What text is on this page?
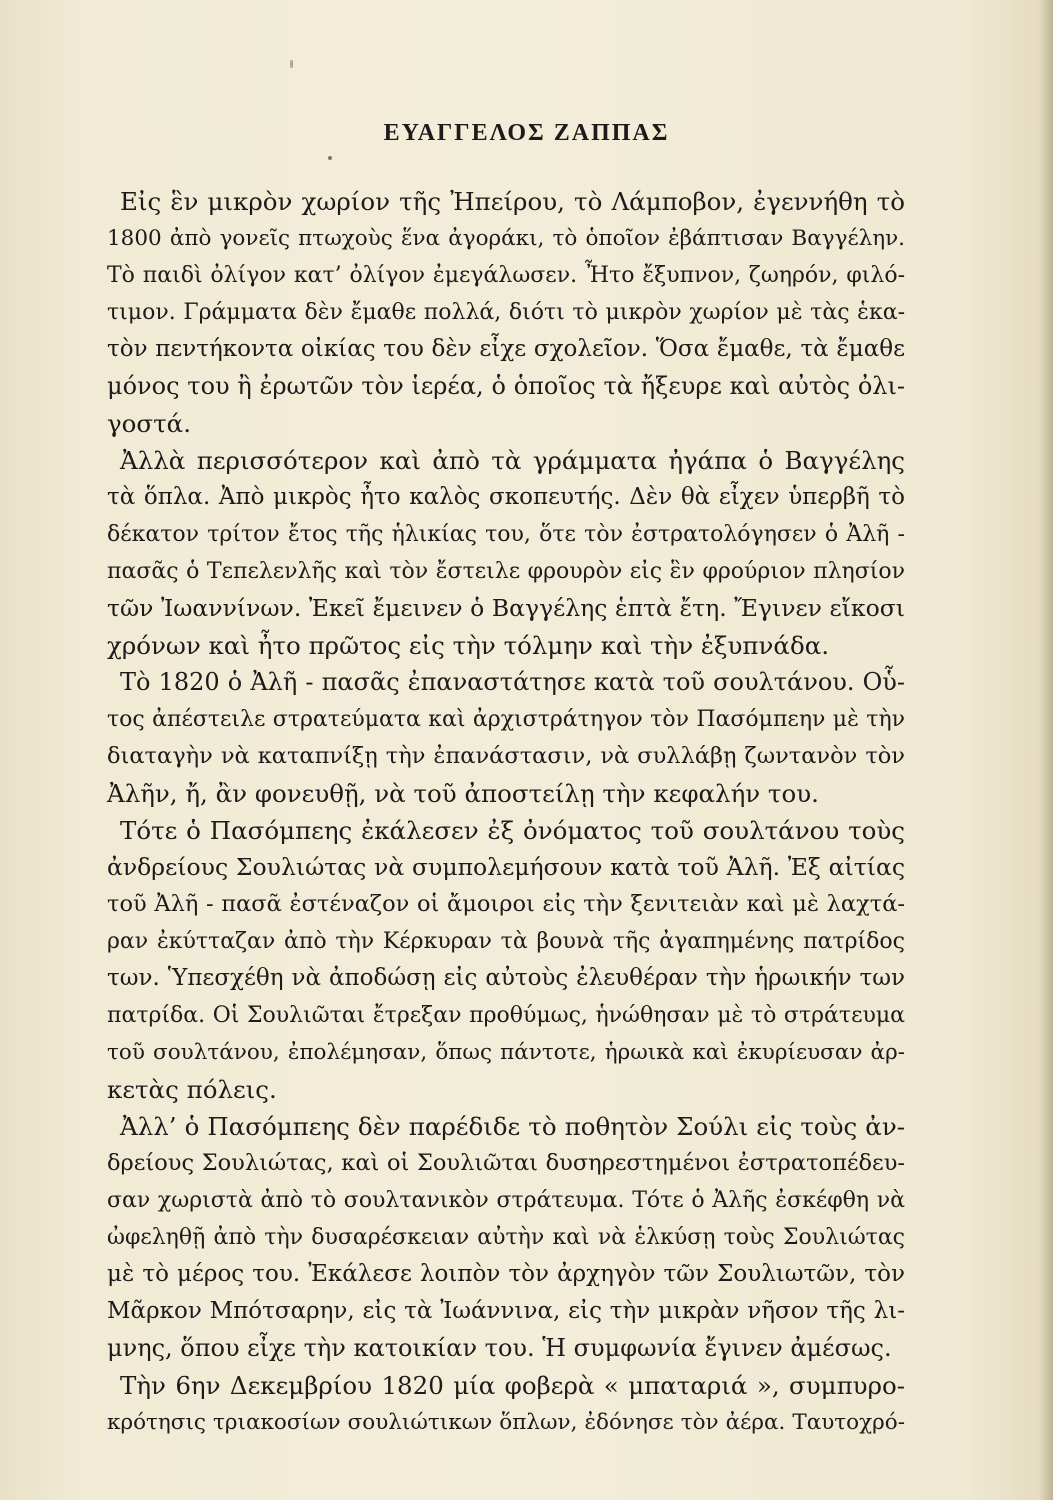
ΕΥΑΓΓΕΛΟΣ ΖΑΠΠΑΣ
Εἰς ἓν μικρὸν χωρίον τῆς Ἠπείρου, τὸ Λάμποβον, ἐγεννήθη τὸ
1800 ἀπὸ γονεῖς πτωχοὺς ἕνα ἀγοράκι, τὸ ὁποῖον ἐβάπτισαν Βαγγέλην.
Τὸ παιδὶ ὀλίγον κατ’ ὀλίγον ἐμεγάλωσεν. Ἦτο ἔξυπνον, ζωηρόν, φιλό-
τιμον. Γράμματα δὲν ἔμαθε πολλά, διότι τὸ μικρὸν χωρίον μὲ τὰς ἑκα-
τὸν πεντήκοντα οἰκίας του δὲν εἶχε σχολεῖον. Ὅσα ἔμαθε, τὰ ἔμαθε
μόνος του ἢ ἐρωτῶν τὸν ἱερέα, ὁ ὁποῖος τὰ ἤξευρε καὶ αὐτὸς ὀλι-
γοστά.
Ἀλλὰ περισσότερον καὶ ἀπὸ τὰ γράμματα ἠγάπα ὁ Βαγγέλης
τὰ ὅπλα. Ἀπὸ μικρὸς ἦτο καλὸς σκοπευτής. Δὲν θὰ εἶχεν ὑπερβῆ τὸ
δέκατον τρίτον ἔτος τῆς ἡλικίας του, ὅτε τὸν ἐστρατολόγησεν ὁ Ἀλῆ -
πασᾶς ὁ Τεπελενλῆς καὶ τὸν ἔστειλε φρουρὸν εἰς ἓν φρούριον πλησίον
τῶν Ἰωαννίνων. Ἐκεῖ ἔμεινεν ὁ Βαγγέλης ἑπτὰ ἔτη. Ἔγινεν εἴκοσι
χρόνων καὶ ἦτο πρῶτος εἰς τὴν τόλμην καὶ τὴν ἐξυπνάδα.
Τὸ 1820 ὁ Ἀλῆ - πασᾶς ἐπαναστάτησε κατὰ τοῦ σουλτάνου. Οὗ-
τος ἀπέστειλε στρατεύματα καὶ ἀρχιστράτηγον τὸν Πασόμπεην μὲ τὴν
διαταγὴν νὰ καταπνίξῃ τὴν ἐπανάστασιν, νὰ συλλάβῃ ζωντανὸν τὸν
Ἀλῆν, ἤ, ἂν φονευθῇ, νὰ τοῦ ἀποστείλῃ τὴν κεφαλήν του.
Τότε ὁ Πασόμπεης ἐκάλεσεν ἐξ ὀνόματος τοῦ σουλτάνου τοὺς
ἀνδρείους Σουλιώτας νὰ συμπολεμήσουν κατὰ τοῦ Ἀλῆ. Ἐξ αἰτίας
τοῦ Ἀλῆ - πασᾶ ἐστέναζον οἱ ἄμοιροι εἰς τὴν ξενιτειὰν καὶ μὲ λαχτά-
ραν ἐκύτταζαν ἀπὸ τὴν Κέρκυραν τὰ βουνὰ τῆς ἀγαπημένης πατρίδος
των. Ὑπεσχέθη νὰ ἀποδώσῃ εἰς αὐτοὺς ἐλευθέραν τὴν ἡρωικήν των
πατρίδα. Οἱ Σουλιῶται ἔτρεξαν προθύμως, ἡνώθησαν μὲ τὸ στράτευμα
τοῦ σουλτάνου, ἐπολέμησαν, ὅπως πάντοτε, ἡρωικὰ καὶ ἐκυρίευσαν ἀρ-
κετὰς πόλεις.
Ἀλλ’ ὁ Πασόμπεης δὲν παρέδιδε τὸ ποθητὸν Σούλι εἰς τοὺς ἀν-
δρείους Σουλιώτας, καὶ οἱ Σουλιῶται δυσηρεστημένοι ἐστρατοπέδευ-
σαν χωριστὰ ἀπὸ τὸ σουλτανικὸν στράτευμα. Τότε ὁ Ἀλῆς ἐσκέφθη νὰ
ὠφεληθῇ ἀπὸ τὴν δυσαρέσκειαν αὐτὴν καὶ νὰ ἑλκύσῃ τοὺς Σουλιώτας
μὲ τὸ μέρος του. Ἐκάλεσε λοιπὸν τὸν ἀρχηγὸν τῶν Σουλιωτῶν, τὸν
Μᾶρκον Μπότσαρην, εἰς τὰ Ἰωάννινα, εἰς τὴν μικρὰν νῆσον τῆς λι-
μνης, ὅπου εἶχε τὴν κατοικίαν του. Ἡ συμφωνία ἔγινεν ἀμέσως.
Τὴν 6ην Δεκεμβρίου 1820 μία φοβερὰ « μπαταριά », συμπυρο-
κρότησις τριακοσίων σουλιώτικων ὅπλων, ἐδόνησε τὸν ἀέρα. Ταυτοχρό-
